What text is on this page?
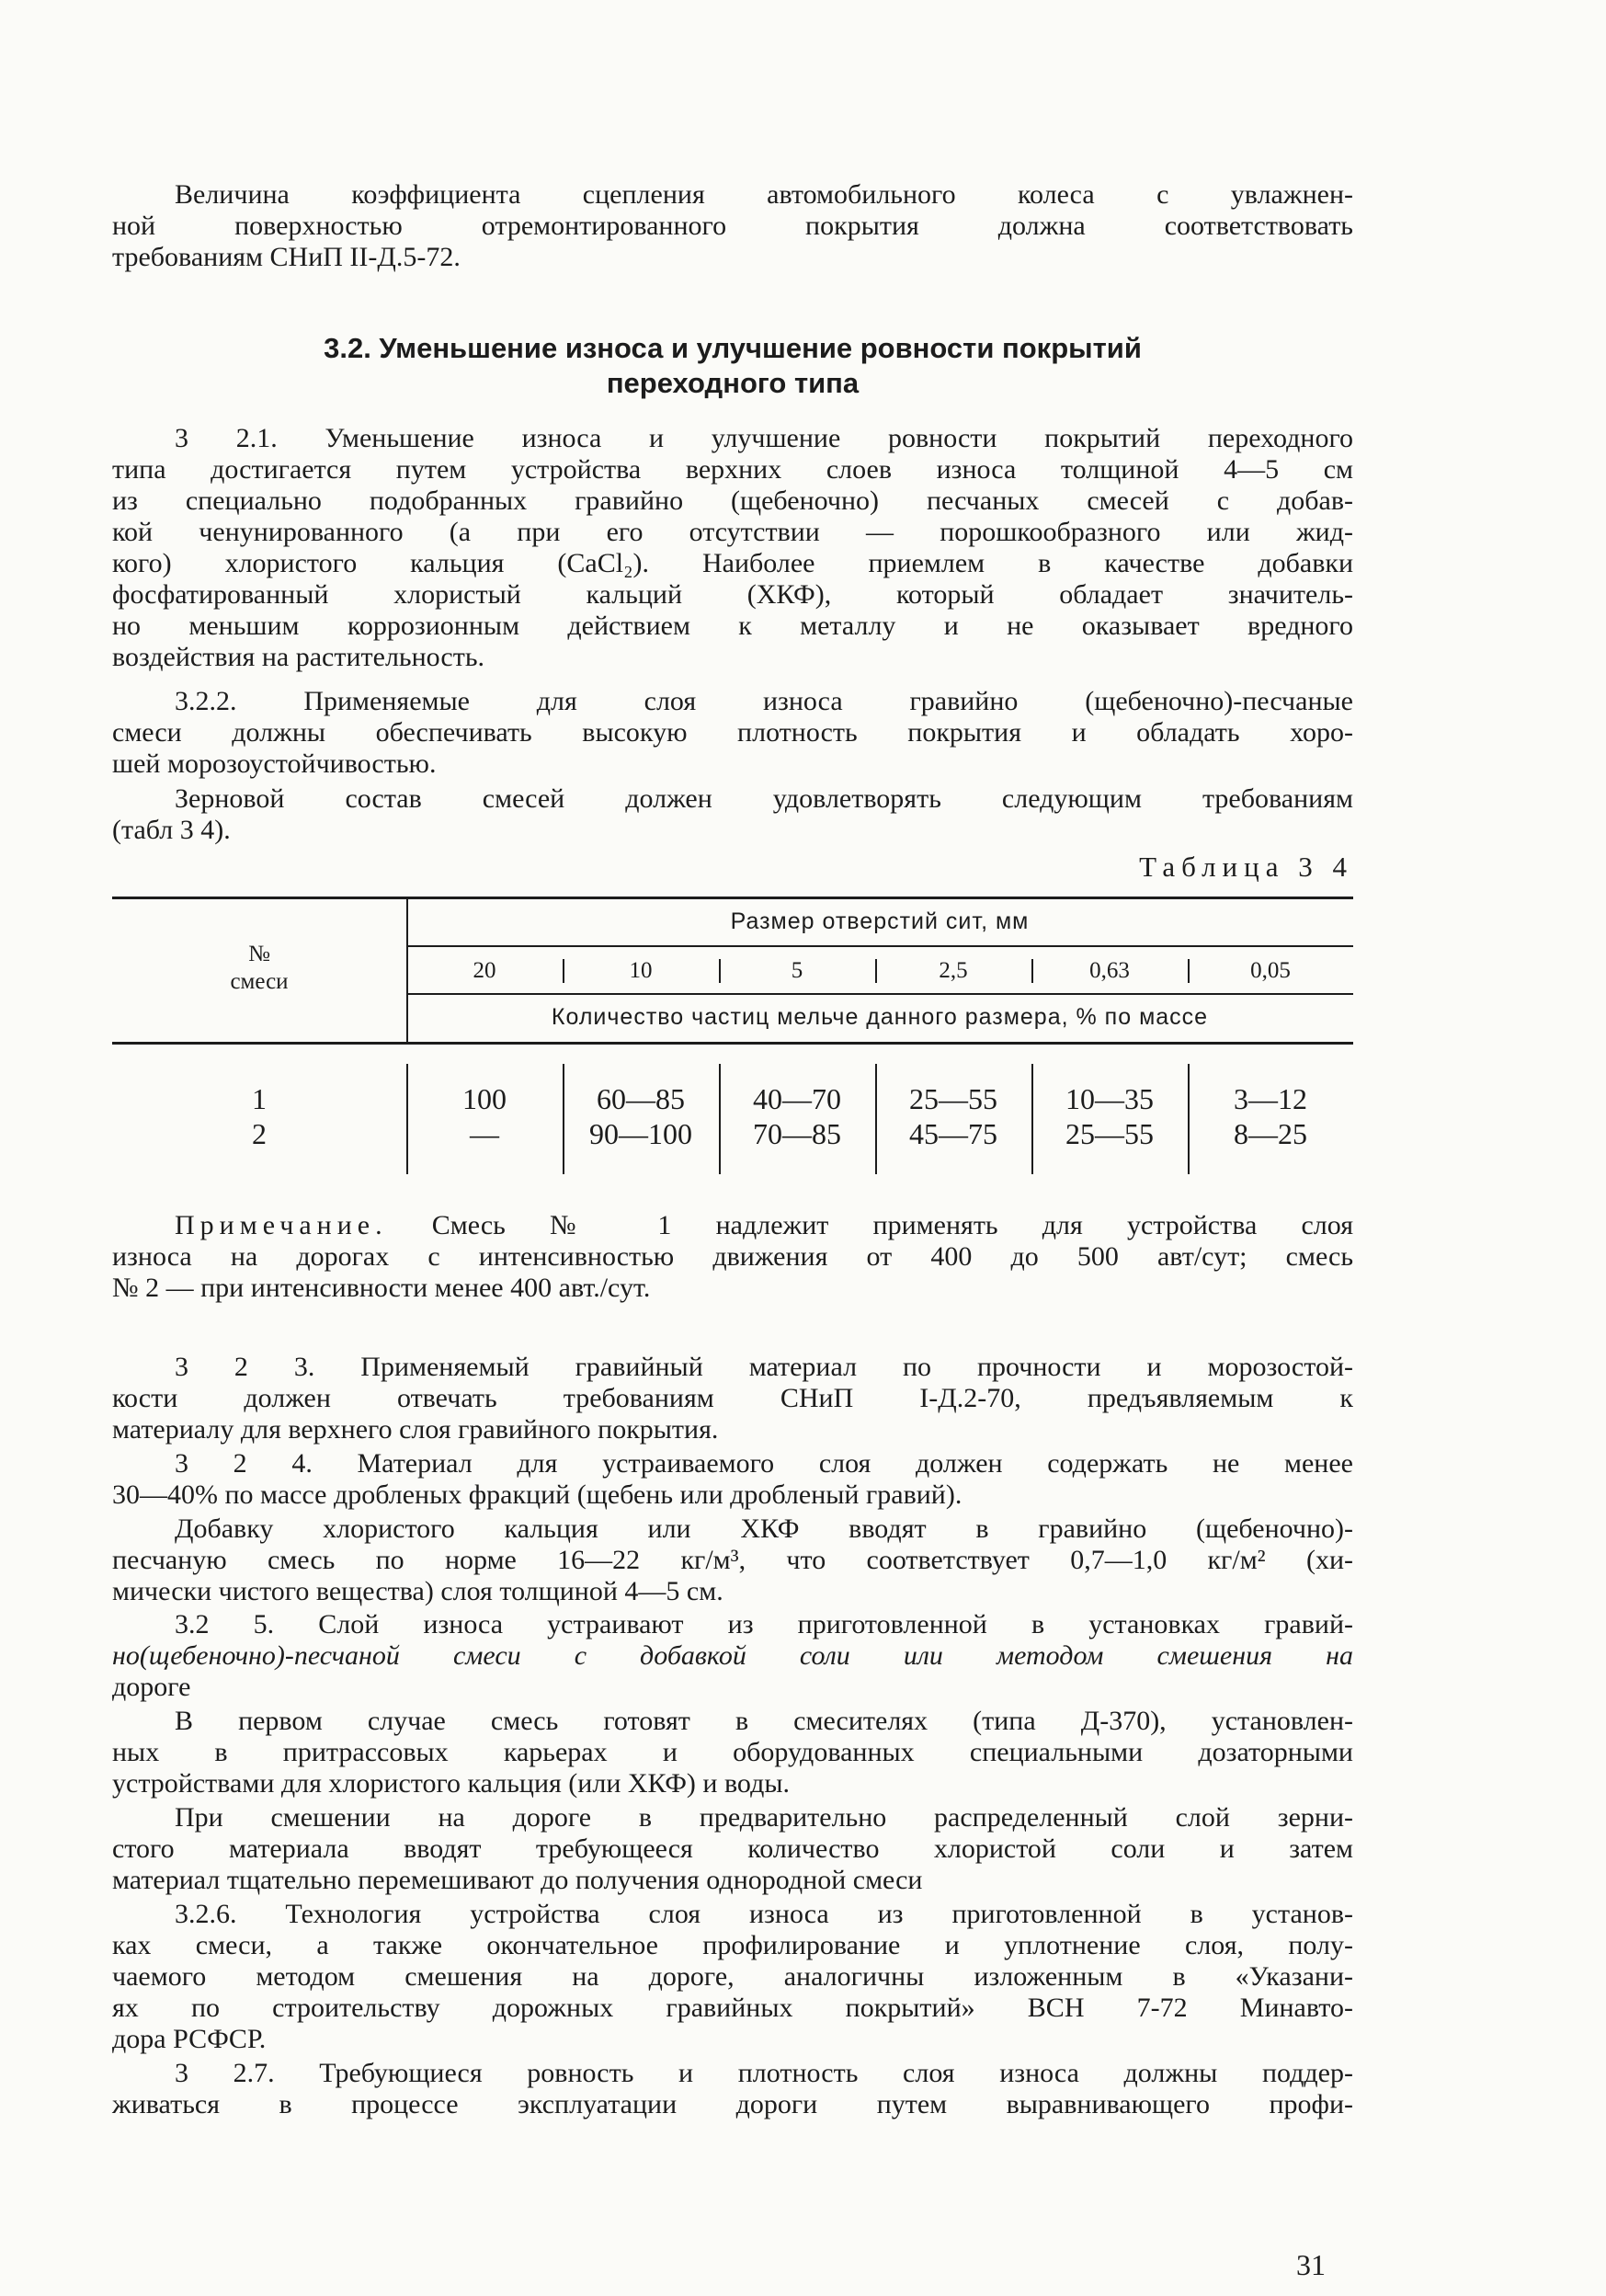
Величина коэффициента сцепления автомобильного колеса с увлажнен-
ной поверхностью отремонтированного покрытия должна соответствовать
требованиям СНиП II-Д.5-72.
3.2. Уменьшение износа и улучшение ровности покрытий
переходного типа
3 2.1. Уменьшение износа и улучшение ровности покрытий переходного
типа достигается путем устройства верхних слоев износа толщиной 4—5 см
из специально подобранных гравийно (щебеночно) песчаных смесей с добав-
кой ченунированного (а при его отсутствии — порошкообразного или жид-
кого) хлористого кальция (CaCl₂). Наиболее приемлем в качестве добавки
фосфатированный хлористый кальций (ХКФ), который обладает значитель-
но меньшим коррозионным действием к металлу и не оказывает вредного
воздействия на растительность.
3.2.2. Применяемые для слоя износа гравийно (щебеночно)-песчаные
смеси должны обеспечивать высокую плотность покрытия и обладать хоро-
шей морозоустойчивостью.
Зерновой состав смесей должен удовлетворять следующим требованиям
(табл 3 4).
Таблица 3 4
№ смеси
Размер отверстий сит, мм
20	10	5	2,5	0,63	0,05
Количество частиц мельче данного размера, % по массе
1	100	60—85	40—70	25—55	10—35	3—12
2	—	90—100	70—85	45—75	25—55	8—25
Примечание. Смесь № 1 надлежит применять для устройства слоя
износа на дорогах с интенсивностью движения от 400 до 500 авт/сут; смесь
№ 2 — при интенсивности менее 400 авт./сут.
3 2 3. Применяемый гравийный материал по прочности и морозостой-
кости должен отвечать требованиям СНиП I-Д.2-70, предъявляемым к
материалу для верхнего слоя гравийного покрытия.
3 2 4. Материал для устраиваемого слоя должен содержать не менее
30—40% по массе дробленых фракций (щебень или дробленый гравий).
Добавку хлористого кальция или ХКФ вводят в гравийно (щебеночно)-
песчаную смесь по норме 16—22 кг/м³, что соответствует 0,7—1,0 кг/м² (хи-
мически чистого вещества) слоя толщиной 4—5 см.
3.2 5. Слой износа устраивают из приготовленной в установках гравий-
но(щебеночно)-песчаной смеси с добавкой соли или методом смешения на
дороге
В первом случае смесь готовят в смесителях (типа Д-370), установлен-
ных в притрассовых карьерах и оборудованных специальными дозаторными
устройствами для хлористого кальция (или ХКФ) и воды.
При смешении на дороге в предварительно распределенный слой зерни-
стого материала вводят требующееся количество хлористой соли и затем
материал тщательно перемешивают до получения однородной смеси
3.2.6. Технология устройства слоя износа из приготовленной в установ-
ках смеси, а также окончательное профилирование и уплотнение слоя, полу-
чаемого методом смешения на дороге, аналогичны изложенным в «Указани-
ях по строительству дорожных гравийных покрытий» ВСН 7-72 Минавто-
дора РСФСР.
3 2.7. Требующиеся ровность и плотность слоя износа должны поддер-
живаться в процессе эксплуатации дороги путем выравнивающего профи-
31
